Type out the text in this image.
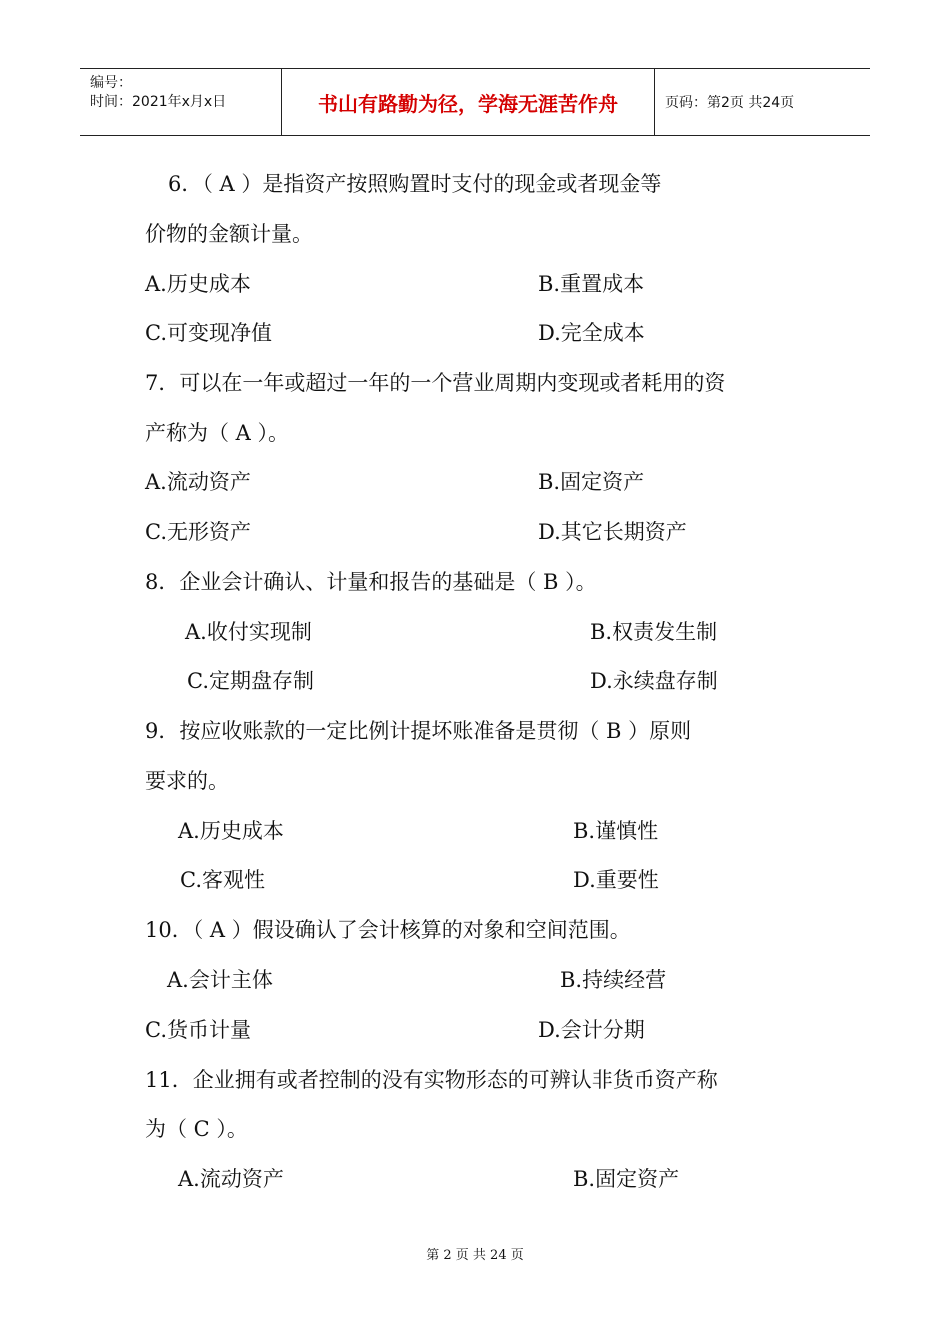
编号：
时间：2021年x月x日	书山有路勤为径，学海无涯苦作舟	页码：第2页 共24页
6．（ A ）是指资产按照购置时支付的现金或者现金等
价物的金额计量。
A.历史成本	B.重置成本
C.可变现净值	D.完全成本
7．可以在一年或超过一年的一个营业周期内变现或者耗用的资
产称为（ A ）。
A.流动资产	B.固定资产
C.无形资产	D.其它长期资产
8．企业会计确认、计量和报告的基础是（ B ）。
A.收付实现制	B.权责发生制
C.定期盘存制	D.永续盘存制
9．按应收账款的一定比例计提坏账准备是贯彻（ B ）原则
要求的。
A.历史成本	B.谨慎性
C.客观性	D.重要性
10．（ A ）假设确认了会计核算的对象和空间范围。
A.会计主体	B.持续经营
C.货币计量	D.会计分期
11．企业拥有或者控制的没有实物形态的可辨认非货币资产称
为（ C ）。
A.流动资产	B.固定资产
第 2 页 共 24 页
